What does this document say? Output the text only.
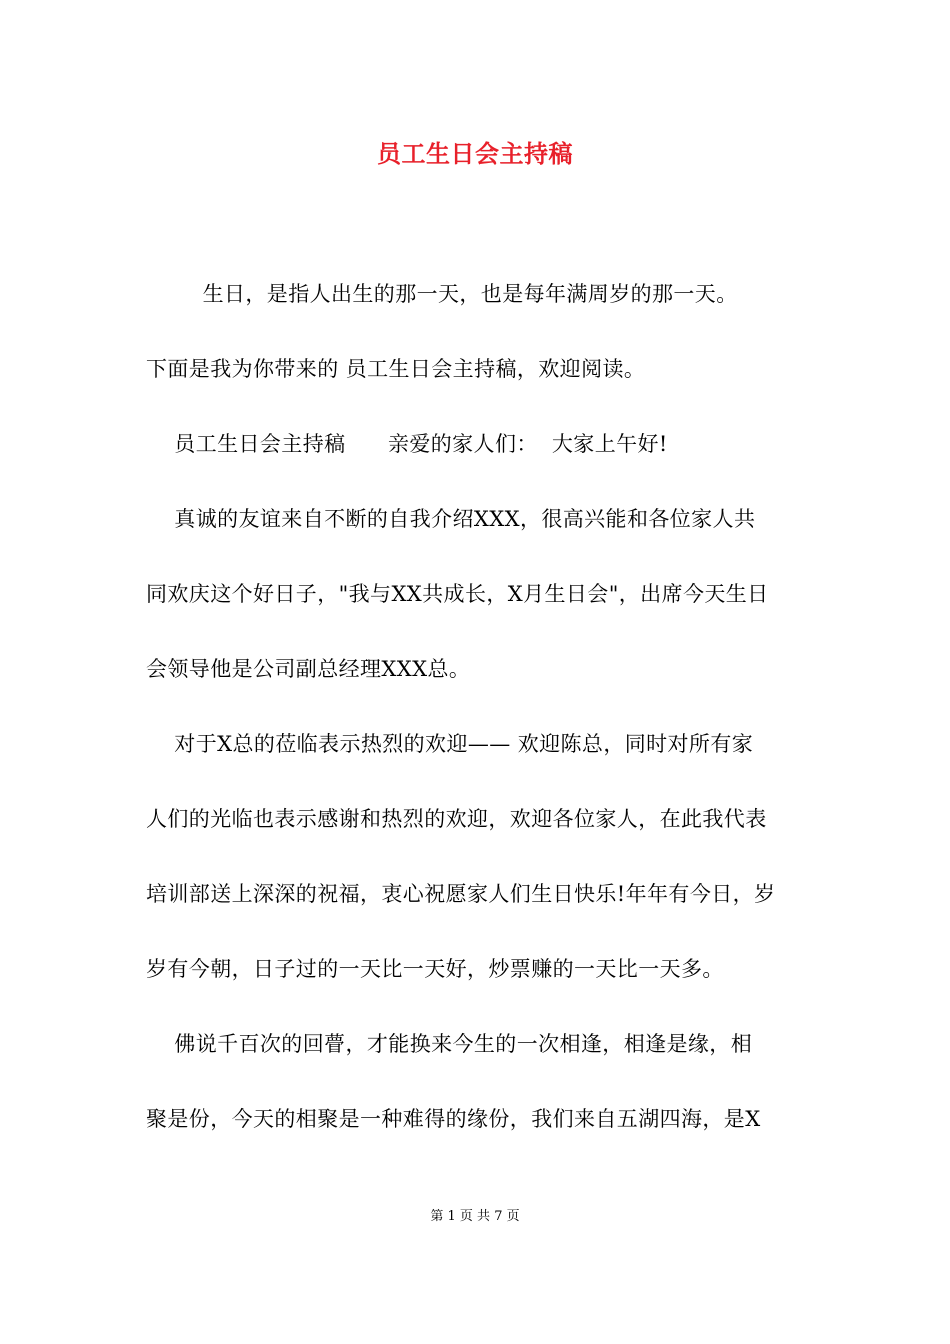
员工生日会主持稿
生日，是指人出生的那一天，也是每年满周岁的那一天。
下面是我为你带来的 员工生日会主持稿，欢迎阅读。
员工生日会主持稿      亲爱的家人们：  大家上午好!
真诚的友谊来自不断的自我介绍XXX，很高兴能和各位家人共
同欢庆这个好日子，"我与XX共成长，X月生日会"，出席今天生日
会领导他是公司副总经理XXX总。
对于X总的莅临表示热烈的欢迎—— 欢迎陈总，同时对所有家
人们的光临也表示感谢和热烈的欢迎，欢迎各位家人，在此我代表
培训部送上深深的祝福，衷心祝愿家人们生日快乐!年年有今日，岁
岁有今朝，日子过的一天比一天好，炒票赚的一天比一天多。
佛说千百次的回瞢，才能换来今生的一次相逢，相逢是缘，相
聚是份，今天的相聚是一种难得的缘份，我们来自五湖四海，是X
第 1 页 共 7 页
